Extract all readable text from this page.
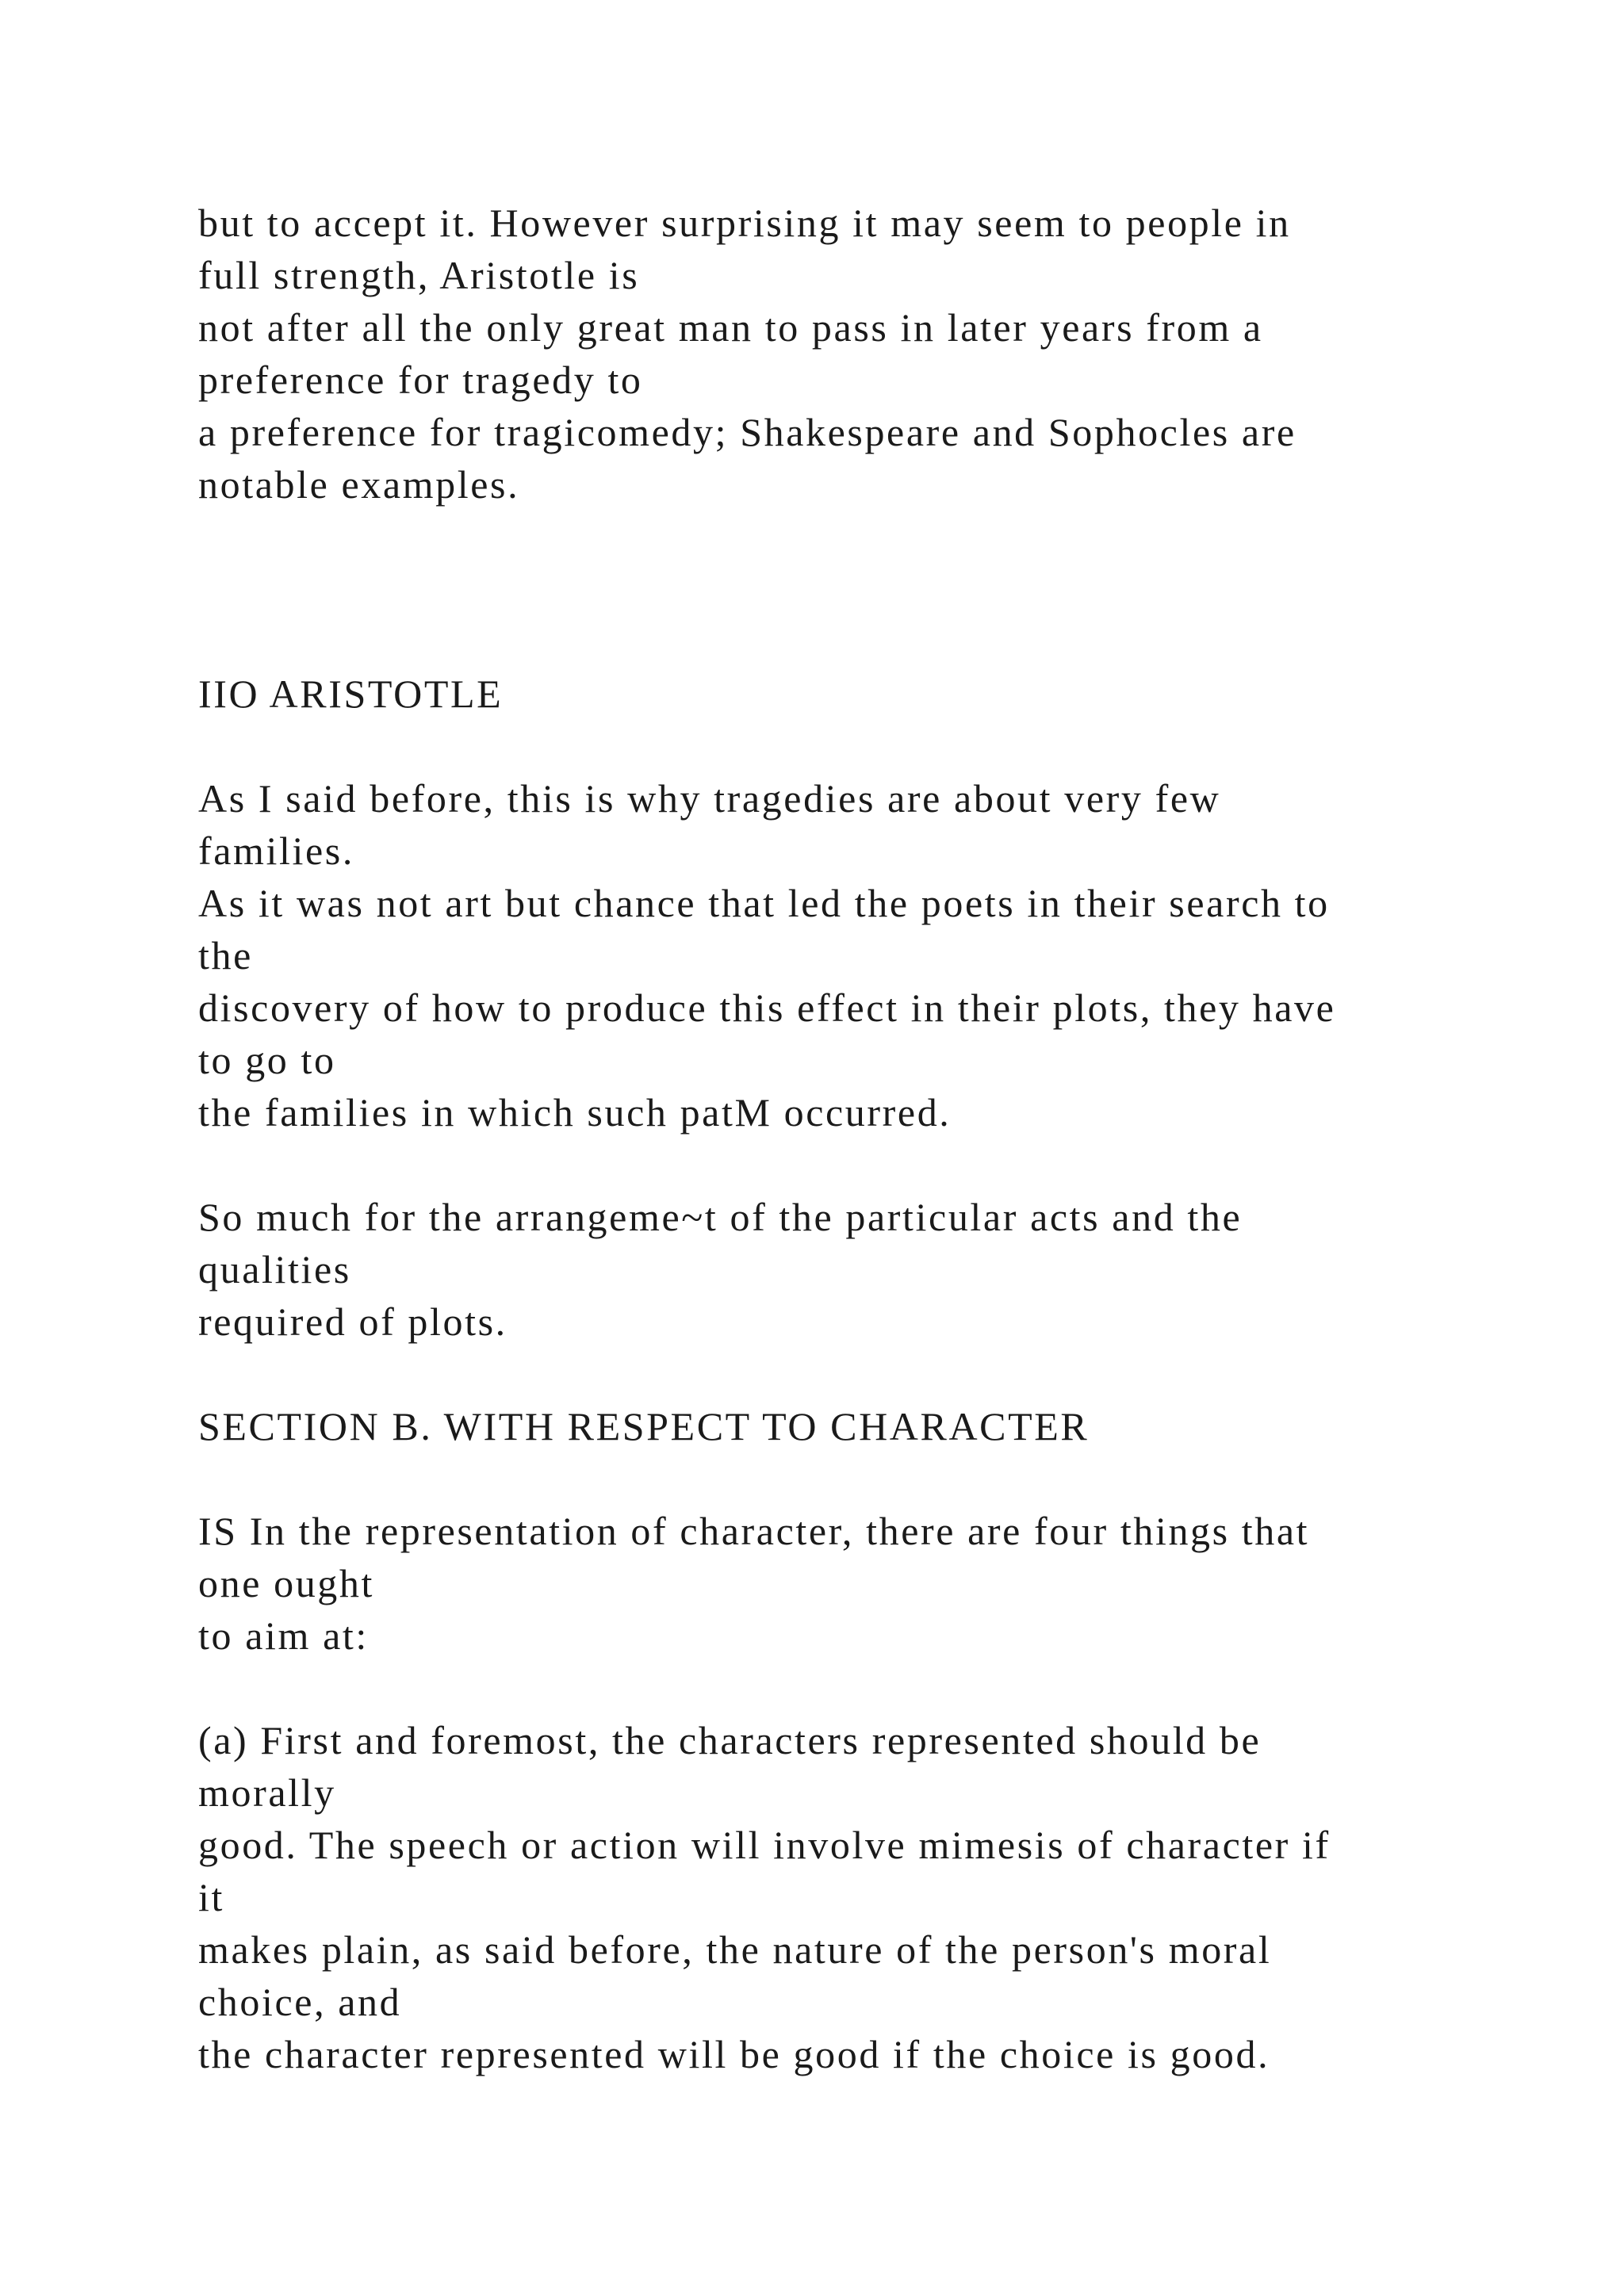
but to accept it. However surprising it may seem to people in
full strength, Aristotle is
not after all the only great man to pass in later years from a
preference for tragedy to
a preference for tragicomedy; Shakespeare and Sophocles are
notable examples.
IIO ARISTOTLE
As I said before, this is why tragedies are about very few
families.
As it was not art but chance that led the poets in their search to
the
discovery of how to produce this effect in their plots, they have
to go to
the families in which such patM occurred.
So much for the arrangeme~t of the particular acts and the
qualities
required of plots.
SECTION B. WITH RESPECT TO CHARACTER
IS In the representation of character, there are four things that
one ought
to aim at:
(a) First and foremost, the characters represented should be
morally
good. The speech or action will involve mimesis of character if
it
makes plain, as said before, the nature of the person's moral
choice, and
the character represented will be good if the choice is good.
